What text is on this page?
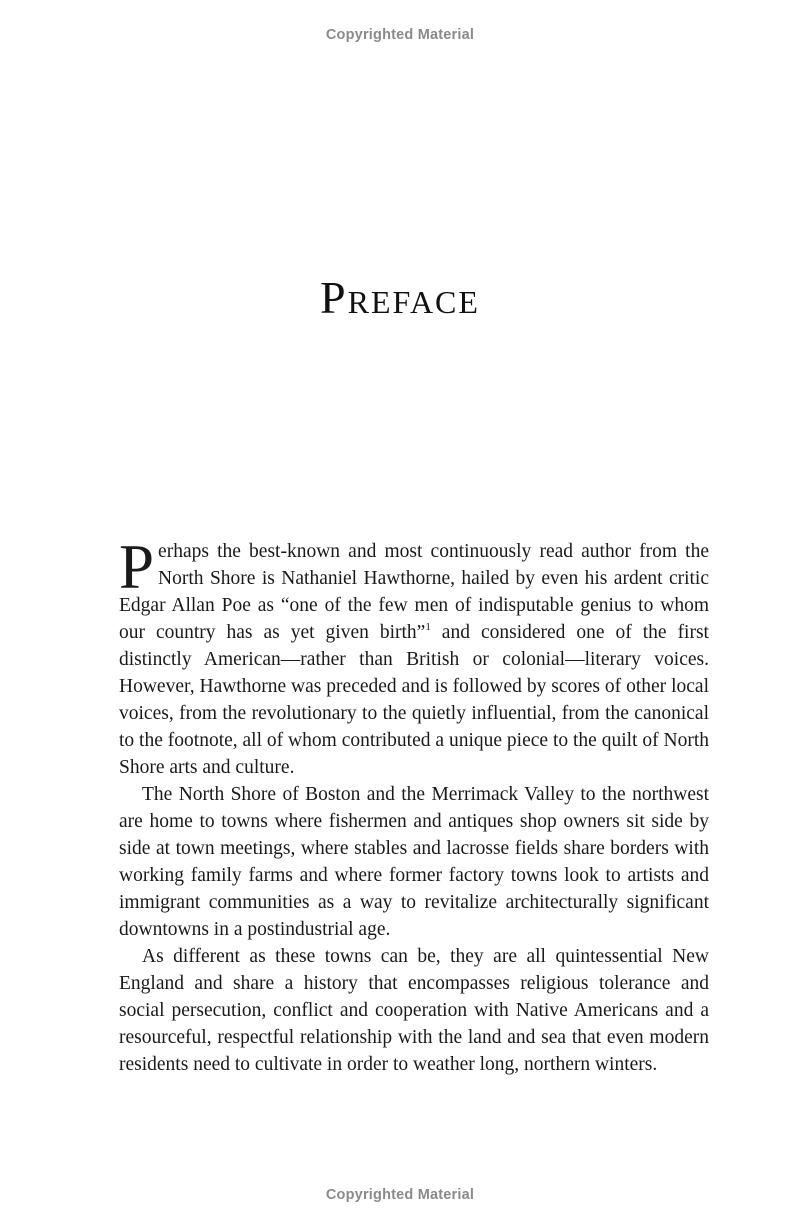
Copyrighted Material
Preface

Perhaps the best-known and most continuously read author from the North Shore is Nathaniel Hawthorne, hailed by even his ardent critic Edgar Allan Poe as “one of the few men of indisputable genius to whom our country has as yet given birth”$^1$ and considered one of the first distinctly American—rather than British or colonial—literary voices. However, Hawthorne was preceded and is followed by scores of other local voices, from the revolutionary to the quietly influential, from the canonical to the footnote, all of whom contributed a unique piece to the quilt of North Shore arts and culture.

The North Shore of Boston and the Merrimack Valley to the northwest are home to towns where fishermen and antiques shop owners sit side by side at town meetings, where stables and lacrosse fields share borders with working family farms and where former factory towns look to artists and immigrant communities as a way to revitalize architecturally significant downtowns in a postindustrial age.

As different as these towns can be, they are all quintessential New England and share a history that encompasses religious tolerance and social persecution, conflict and cooperation with Native Americans and a resourceful, respectful relationship with the land and sea that even modern residents need to cultivate in order to weather long, northern winters.

Copyrighted Material
